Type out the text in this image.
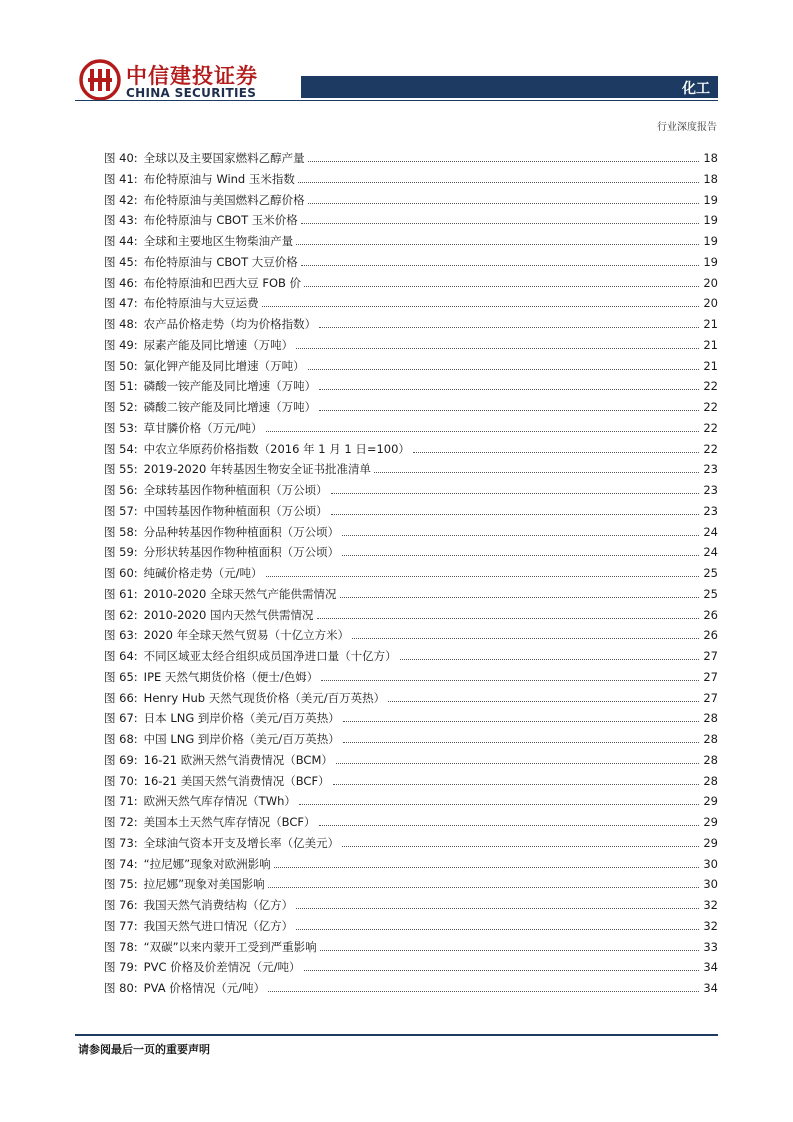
中信建投证券
CHINA SECURITIES	化工
行业深度报告
图 40: 全球以及主要国家燃料乙醇产量	18
图 41: 布伦特原油与 Wind 玉米指数	18
图 42: 布伦特原油与美国燃料乙醇价格	19
图 43: 布伦特原油与 CBOT 玉米价格	19
图 44: 全球和主要地区生物柴油产量	19
图 45: 布伦特原油与 CBOT 大豆价格	19
图 46: 布伦特原油和巴西大豆 FOB 价	20
图 47: 布伦特原油与大豆运费	20
图 48: 农产品价格走势（均为价格指数）	21
图 49: 尿素产能及同比增速（万吨）	21
图 50: 氯化钾产能及同比增速（万吨）	21
图 51: 磷酸一铵产能及同比增速（万吨）	22
图 52: 磷酸二铵产能及同比增速（万吨）	22
图 53: 草甘膦价格（万元/吨）	22
图 54: 中农立华原药价格指数（2016 年 1 月 1 日=100）	22
图 55: 2019-2020 年转基因生物安全证书批准清单	23
图 56: 全球转基因作物种植面积（万公顷）	23
图 57: 中国转基因作物种植面积（万公顷）	23
图 58: 分品种转基因作物种植面积（万公顷）	24
图 59: 分形状转基因作物种植面积（万公顷）	24
图 60: 纯碱价格走势（元/吨）	25
图 61: 2010-2020 全球天然气产能供需情况	25
图 62: 2010-2020 国内天然气供需情况	26
图 63: 2020 年全球天然气贸易（十亿立方米）	26
图 64: 不同区域亚太经合组织成员国净进口量（十亿方）	27
图 65: IPE 天然气期货价格（便士/色姆）	27
图 66: Henry Hub 天然气现货价格（美元/百万英热）	27
图 67: 日本 LNG 到岸价格（美元/百万英热）	28
图 68: 中国 LNG 到岸价格（美元/百万英热）	28
图 69: 16-21 欧洲天然气消费情况（BCM）	28
图 70: 16-21 美国天然气消费情况（BCF）	28
图 71: 欧洲天然气库存情况（TWh）	29
图 72: 美国本土天然气库存情况（BCF）	29
图 73: 全球油气资本开支及增长率（亿美元）	29
图 74: “拉尼娜”现象对欧洲影响	30
图 75: 拉尼娜”现象对美国影响	30
图 76: 我国天然气消费结构（亿方）	32
图 77: 我国天然气进口情况（亿方）	32
图 78: “双碳”以来内蒙开工受到严重影响	33
图 79: PVC 价格及价差情况（元/吨）	34
图 80: PVA 价格情况（元/吨）	34
请参阅最后一页的重要声明
